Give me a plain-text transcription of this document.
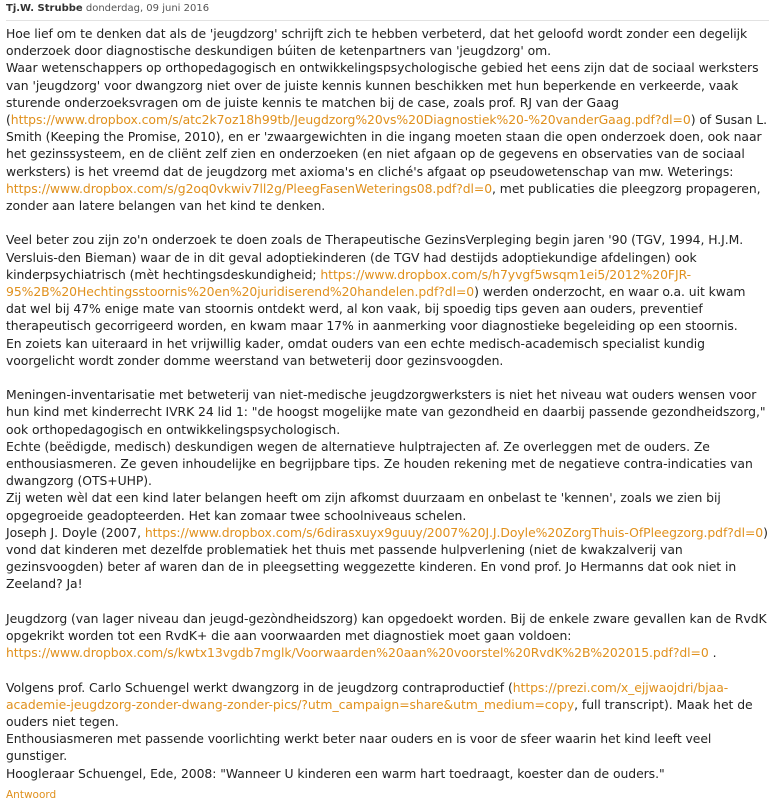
Tj.W. Strubbe donderdag, 09 juni 2016

Hoe lief om te denken dat als de 'jeugdzorg' schrijft zich te hebben verbeterd, dat het geloofd wordt zonder een degelijk onderzoek door diagnostische deskundigen búiten de ketenpartners van 'jeugdzorg' om.

Waar wetenschappers op orthopedagogisch en ontwikkelingspsychologische gebied het eens zijn dat de sociaal werksters van 'jeugdzorg' voor dwangzorg niet over de juiste kennis kunnen beschikken met hun beperkende en verkeerde, vaak sturende onderzoeksvragen om de juiste kennis te matchen bij de case, zoals prof. RJ van der Gaag (https://www.dropbox.com/s/atc2k7oz18h99tb/Jeugdzorg%20vs%20Diagnostiek%20-%20vanderGaag.pdf?dl=0) of Susan L. Smith (Keeping the Promise, 2010), en er 'zwaargewichten in die ingang moeten staan die open onderzoek doen, ook naar het gezinssysteem, en de cliënt zelf zien en onderzoeken (en niet afgaan op de gegevens en observaties van de sociaal werksters) is het vreemd dat de jeugdzorg met axioma's en cliché's afgaat op pseudowetenschap van mw. Weterings: https://www.dropbox.com/s/g2oq0vkwiv7ll2g/PleegFasenWeterings08.pdf?dl=0, met publicaties die pleegzorg propageren, zonder aan latere belangen van het kind te denken.

Veel beter zou zijn zo'n onderzoek te doen zoals de Therapeutische GezinsVerpleging begin jaren '90 (TGV, 1994, H.J.M. Versluis-den Bieman) waar de in dit geval adoptiekinderen (de TGV had destijds adoptiekundige afdelingen) ook kinderpsychiatrisch (mèt hechtingsdeskundigheid; https://www.dropbox.com/s/h7yvgf5wsqm1ei5/2012%20FJR-95%2B%20Hechtingsstoornis%20en%20juridiserend%20handelen.pdf?dl=0) werden onderzocht, en waar o.a. uit kwam dat wel bij 47% enige mate van stoornis ontdekt werd, al kon vaak, bij spoedig tips geven aan ouders, preventief therapeutisch gecorrigeerd worden, en kwam maar 17% in aanmerking voor diagnostieke begeleiding op een stoornis.

En zoiets kan uiteraard in het vrijwillig kader, omdat ouders van een echte medisch-academisch specialist kundig voorgelicht wordt zonder domme weerstand van betweterij door gezinsvoogden.

Meningen-inventarisatie met betweterij van niet-medische jeugdzorgwerksters is niet het niveau wat ouders wensen voor hun kind met kinderrecht IVRK 24 lid 1: "de hoogst mogelijke mate van gezondheid en daarbij passende gezondheidszorg," ook orthopedagogisch en ontwikkelingspsychologisch.

Echte (beëdigde, medisch) deskundigen wegen de alternatieve hulptrajecten af. Ze overleggen met de ouders. Ze enthousiasmeren. Ze geven inhoudelijke en begrijpbare tips. Ze houden rekening met de negatieve contra-indicaties van dwangzorg (OTS+UHP).

Zij weten wèl dat een kind later belangen heeft om zijn afkomst duurzaam en onbelast te 'kennen', zoals we zien bij opgegroeide geadopteerden. Het kan zomaar twee schoolniveaus schelen.

Joseph J. Doyle (2007, https://www.dropbox.com/s/6dirasxuyx9guuy/2007%20J.J.Doyle%20ZorgThuis-OfPleegzorg.pdf?dl=0) vond dat kinderen met dezelfde problematiek het thuis met passende hulpverlening (niet de kwakzalverij van gezinsvoogden) beter af waren dan de in pleegsetting weggezette kinderen. En vond prof. Jo Hermanns dat ook niet in Zeeland? Ja!

Jeugdzorg (van lager niveau dan jeugd-gezòndheidszorg) kan opgedoekt worden. Bij de enkele zware gevallen kan de RvdK opgekrikt worden tot een RvdK+ die aan voorwaarden met diagnostiek moet gaan voldoen: https://www.dropbox.com/s/kwtx13vgdb7mglk/Voorwaarden%20aan%20voorstel%20RvdK%2B%202015.pdf?dl=0 .

Volgens prof. Carlo Schuengel werkt dwangzorg in de jeugdzorg contraproductief (https://prezi.com/x_ejjwaojdri/bjaa-academie-jeugdzorg-zonder-dwang-zonder-pics/?utm_campaign=share&utm_medium=copy, full transcript). Maak het de ouders niet tegen.

Enthousiasmeren met passende voorlichting werkt beter naar ouders en is voor de sfeer waarin het kind leeft veel gunstiger.

Hoogleraar Schuengel, Ede, 2008: "Wanneer U kinderen een warm hart toedraagt, koester dan de ouders."

Antwoord
